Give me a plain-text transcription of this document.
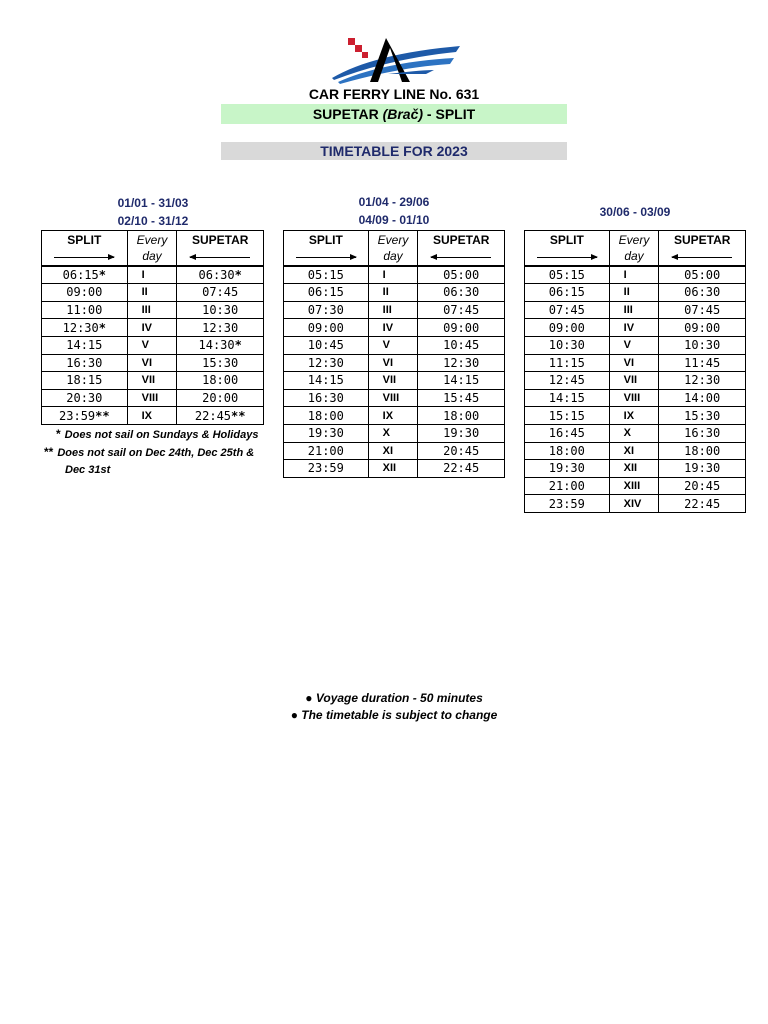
CAR FERRY LINE No. 631
SUPETAR (Brač) - SPLIT
TIMETABLE FOR 2023
01/01 - 31/03
02/10 - 31/12
SPLIT	Every	SUPETAR
	day	
06:15*	I	06:30*
09:00	II	07:45
11:00	III	10:30
12:30*	IV	12:30
14:15	V	14:30*
16:30	VI	15:30
18:15	VII	18:00
20:30	VIII	20:00
23:59**	IX	22:45**
* Does not sail on Sundays & Holidays
** Does not sail on Dec 24th, Dec 25th &
Dec 31st
01/04 - 29/06
04/09 - 01/10
SPLIT	Every	SUPETAR
	day	
05:15	I	05:00
06:15	II	06:30
07:30	III	07:45
09:00	IV	09:00
10:45	V	10:45
12:30	VI	12:30
14:15	VII	14:15
16:30	VIII	15:45
18:00	IX	18:00
19:30	X	19:30
21:00	XI	20:45
23:59	XII	22:45
30/06 - 03/09
SPLIT	Every	SUPETAR
	day	
05:15	I	05:00
06:15	II	06:30
07:45	III	07:45
09:00	IV	09:00
10:30	V	10:30
11:15	VI	11:45
12:45	VII	12:30
14:15	VIII	14:00
15:15	IX	15:30
16:45	X	16:30
18:00	XI	18:00
19:30	XII	19:30
21:00	XIII	20:45
23:59	XIV	22:45
● Voyage duration - 50 minutes
● The timetable is subject to change
